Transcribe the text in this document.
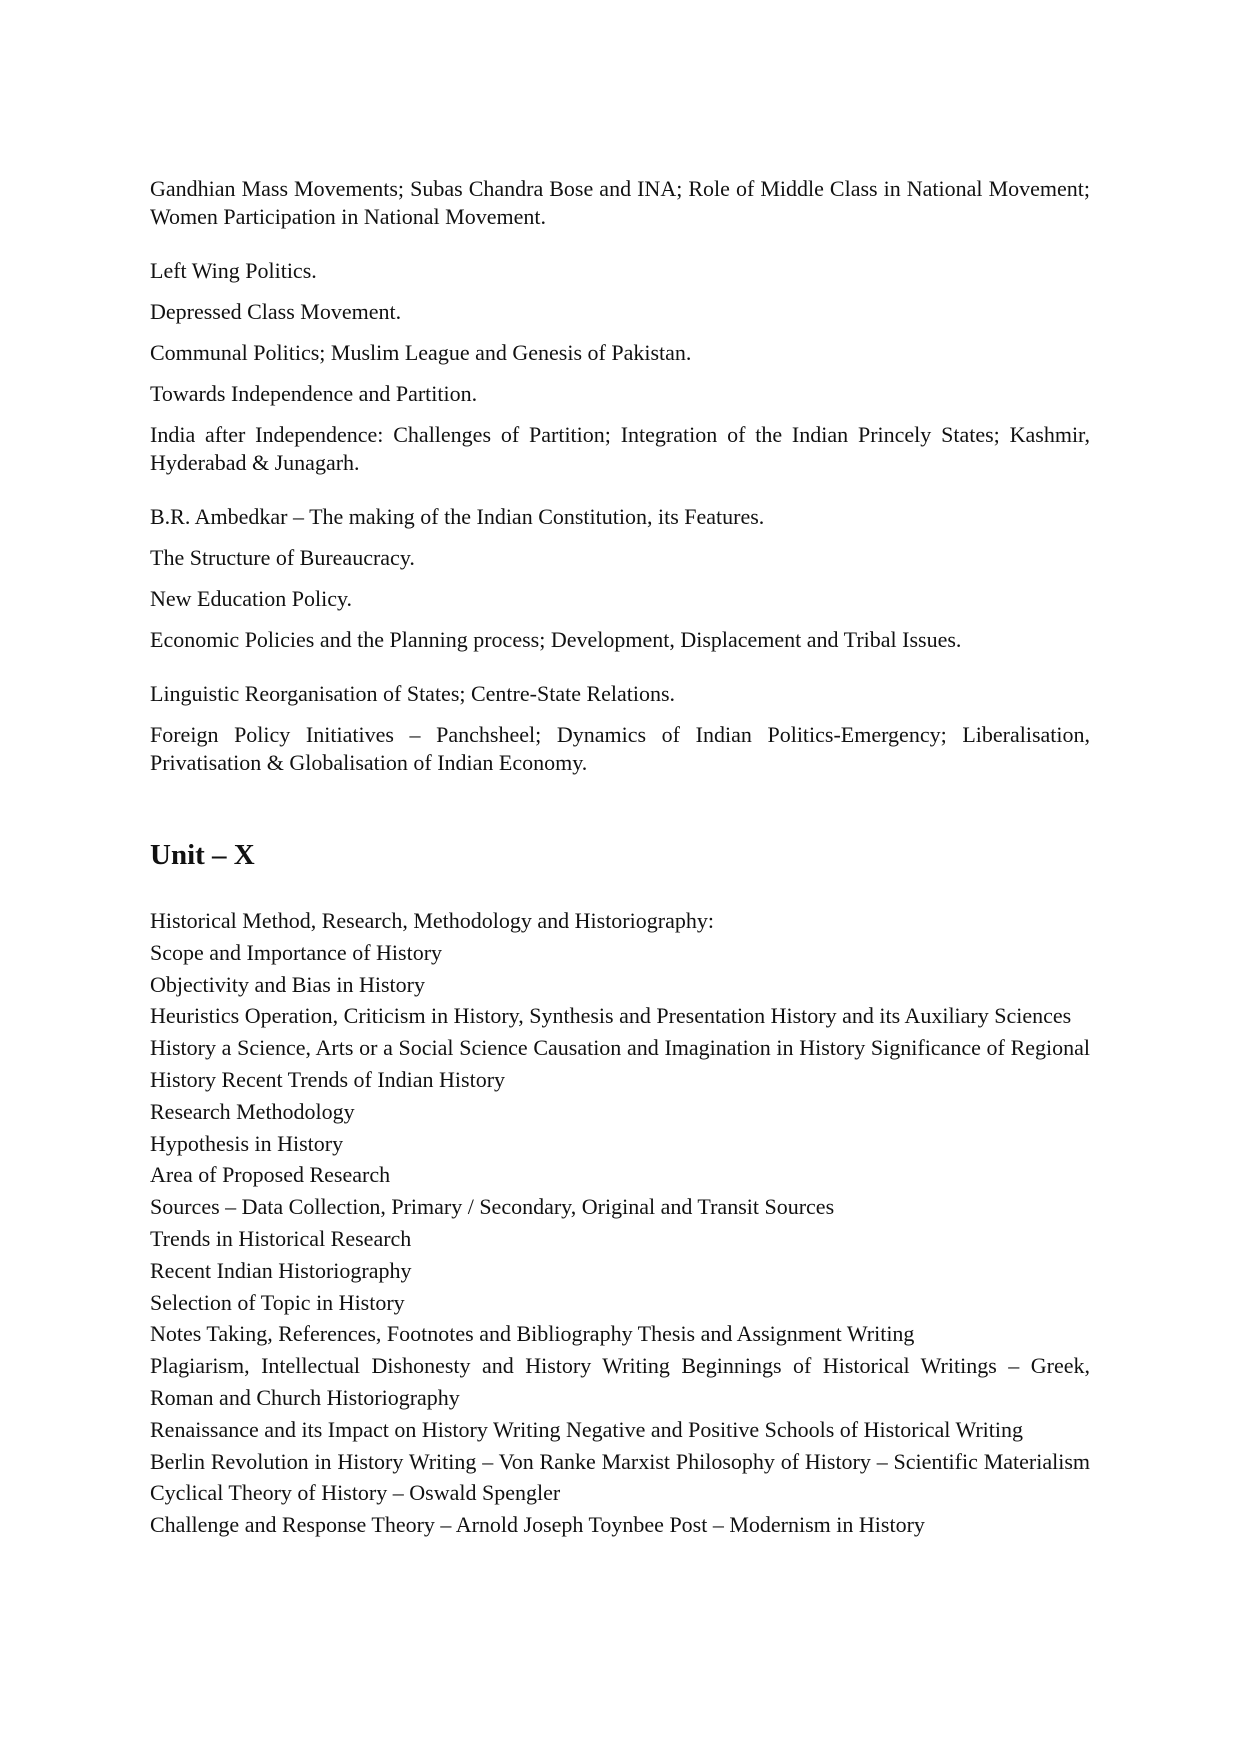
Gandhian Mass Movements; Subas Chandra Bose and INA; Role of Middle Class in National Movement; Women Participation in National Movement.

Left Wing Politics.

Depressed Class Movement.

Communal Politics; Muslim League and Genesis of Pakistan.

Towards Independence and Partition.

India after Independence: Challenges of Partition; Integration of the Indian Princely States; Kashmir, Hyderabad & Junagarh.

B.R. Ambedkar – The making of the Indian Constitution, its Features.

The Structure of Bureaucracy.

New Education Policy.

Economic Policies and the Planning process; Development, Displacement and Tribal Issues.

Linguistic Reorganisation of States; Centre-State Relations.

Foreign Policy Initiatives – Panchsheel; Dynamics of Indian Politics-Emergency; Liberalisation, Privatisation & Globalisation of Indian Economy.

Unit – X

Historical Method, Research, Methodology and Historiography:

Scope and Importance of History

Objectivity and Bias in History

Heuristics Operation, Criticism in History, Synthesis and Presentation History and its Auxiliary Sciences

History a Science, Arts or a Social Science Causation and Imagination in History Significance of Regional History Recent Trends of Indian History

Research Methodology

Hypothesis in History

Area of Proposed Research

Sources – Data Collection, Primary / Secondary, Original and Transit Sources

Trends in Historical Research

Recent Indian Historiography

Selection of Topic in History

Notes Taking, References, Footnotes and Bibliography Thesis and Assignment Writing

Plagiarism, Intellectual Dishonesty and History Writing Beginnings of Historical Writings – Greek, Roman and Church Historiography

Renaissance and its Impact on History Writing Negative and Positive Schools of Historical Writing

Berlin Revolution in History Writing – Von Ranke Marxist Philosophy of History – Scientific Materialism Cyclical Theory of History – Oswald Spengler

Challenge and Response Theory – Arnold Joseph Toynbee Post – Modernism in History
